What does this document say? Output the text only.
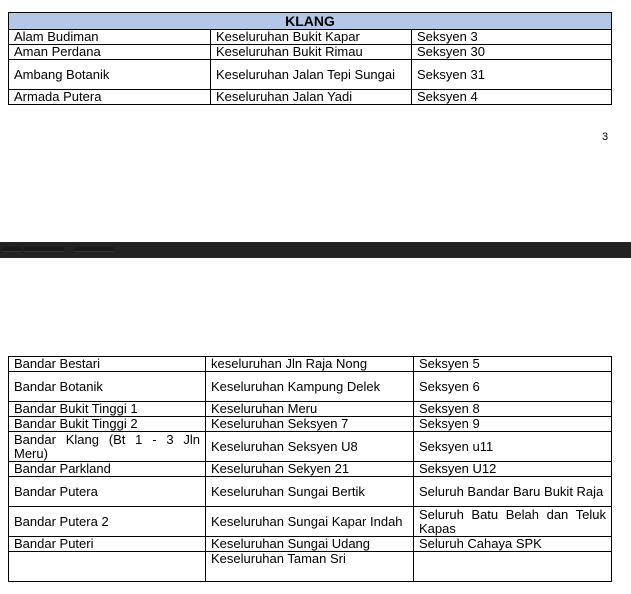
KLANG		
Alam Budiman	Keseluruhan Bukit Kapar	Seksyen 3
Aman Perdana	Keseluruhan Bukit Rimau	Seksyen 30
Ambang Botanik	Keseluruhan Jalan Tepi Sungai	Seksyen 31
Armada Putera	Keseluruhan Jalan Yadi	Seksyen 4
3
Bandar Bestari	keseluruhan Jln Raja Nong	Seksyen 5
Bandar Botanik	Keseluruhan Kampung Delek	Seksyen 6
Bandar Bukit Tinggi 1	Keseluruhan Meru	Seksyen 8
Bandar Bukit Tinggi 2	Keseluruhan Seksyen 7	Seksyen 9
Bandar Klang (Bt 1 - 3 Jln Meru)	Keseluruhan Seksyen U8	Seksyen u11
Bandar Parkland	Keseluruhan Sekyen 21	Seksyen U12
Bandar Putera	Keseluruhan Sungai Bertik	Seluruh Bandar Baru Bukit Raja
Bandar Putera 2	Keseluruhan Sungai Kapar Indah	Seluruh Batu Belah dan Teluk Kapas
Bandar Puteri	Keseluruhan Sungai Udang	Seluruh Cahaya SPK
	Keseluruhan Taman Sri	
